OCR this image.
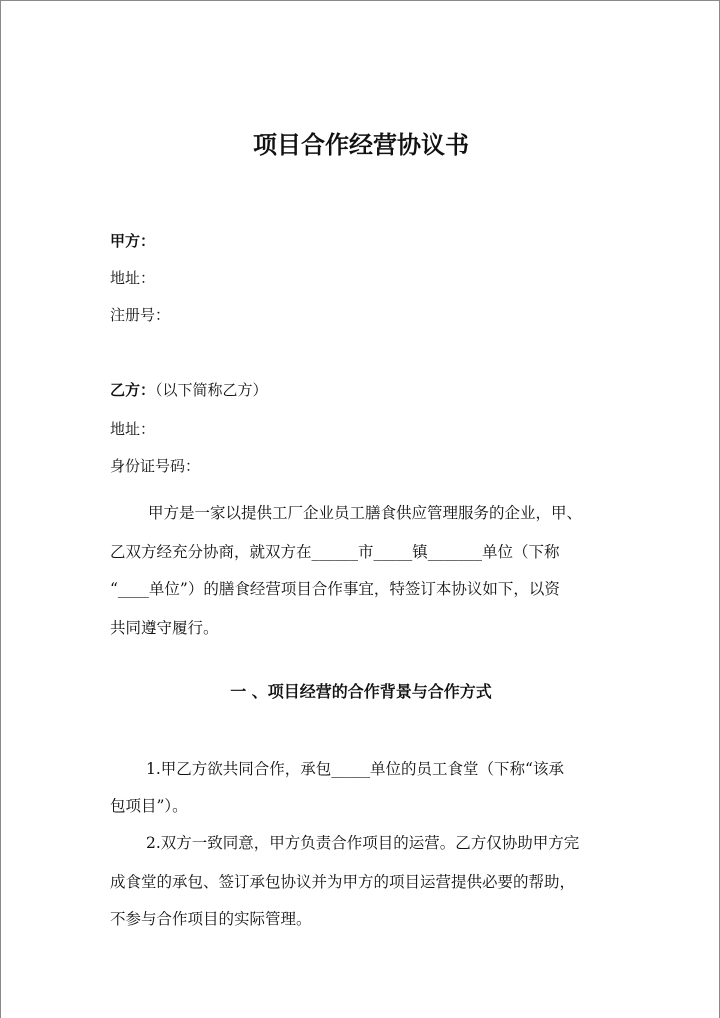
项目合作经营协议书
甲方：
地址：
注册号：
乙方：（以下简称乙方）
地址：
身份证号码：
甲方是一家以提供工厂企业员工膳食供应管理服务的企业，甲、
乙双方经充分协商，就双方在______市_____镇_______单位（下称
“____单位”）的膳食经营项目合作事宜，特签订本协议如下，以资
共同遵守履行。
一 、项目经营的合作背景与合作方式
1.甲乙方欲共同合作，承包_____单位的员工食堂（下称“该承
包项目”）。
2.双方一致同意，甲方负责合作项目的运营。乙方仅协助甲方完
成食堂的承包、签订承包协议并为甲方的项目运营提供必要的帮助，
不参与合作项目的实际管理。
